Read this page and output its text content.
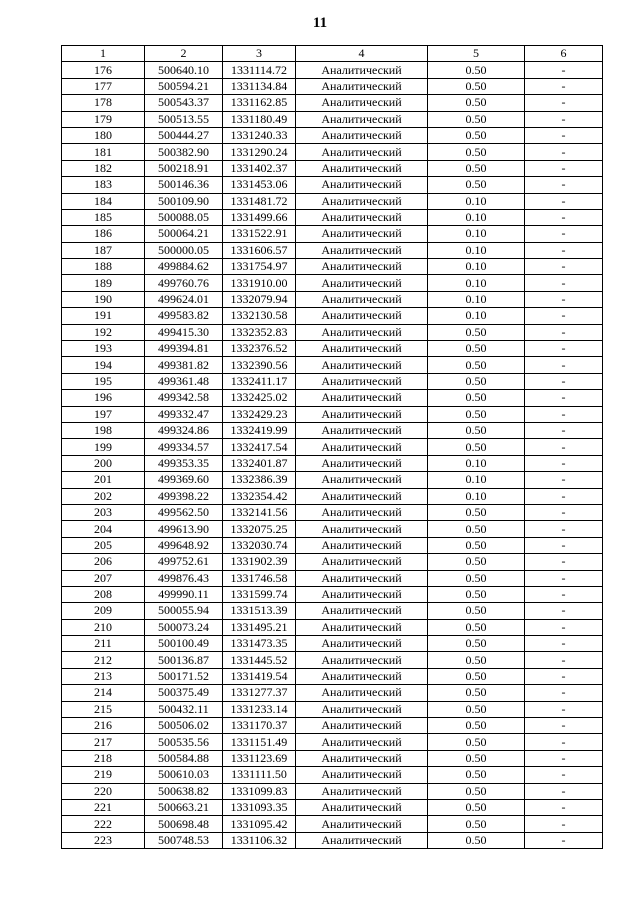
11
1	2	3	4	5	6
176	500640.10	1331114.72	Аналитический	0.50	-
177	500594.21	1331134.84	Аналитический	0.50	-
178	500543.37	1331162.85	Аналитический	0.50	-
179	500513.55	1331180.49	Аналитический	0.50	-
180	500444.27	1331240.33	Аналитический	0.50	-
181	500382.90	1331290.24	Аналитический	0.50	-
182	500218.91	1331402.37	Аналитический	0.50	-
183	500146.36	1331453.06	Аналитический	0.50	-
184	500109.90	1331481.72	Аналитический	0.10	-
185	500088.05	1331499.66	Аналитический	0.10	-
186	500064.21	1331522.91	Аналитический	0.10	-
187	500000.05	1331606.57	Аналитический	0.10	-
188	499884.62	1331754.97	Аналитический	0.10	-
189	499760.76	1331910.00	Аналитический	0.10	-
190	499624.01	1332079.94	Аналитический	0.10	-
191	499583.82	1332130.58	Аналитический	0.10	-
192	499415.30	1332352.83	Аналитический	0.50	-
193	499394.81	1332376.52	Аналитический	0.50	-
194	499381.82	1332390.56	Аналитический	0.50	-
195	499361.48	1332411.17	Аналитический	0.50	-
196	499342.58	1332425.02	Аналитический	0.50	-
197	499332.47	1332429.23	Аналитический	0.50	-
198	499324.86	1332419.99	Аналитический	0.50	-
199	499334.57	1332417.54	Аналитический	0.50	-
200	499353.35	1332401.87	Аналитический	0.10	-
201	499369.60	1332386.39	Аналитический	0.10	-
202	499398.22	1332354.42	Аналитический	0.10	-
203	499562.50	1332141.56	Аналитический	0.50	-
204	499613.90	1332075.25	Аналитический	0.50	-
205	499648.92	1332030.74	Аналитический	0.50	-
206	499752.61	1331902.39	Аналитический	0.50	-
207	499876.43	1331746.58	Аналитический	0.50	-
208	499990.11	1331599.74	Аналитический	0.50	-
209	500055.94	1331513.39	Аналитический	0.50	-
210	500073.24	1331495.21	Аналитический	0.50	-
211	500100.49	1331473.35	Аналитический	0.50	-
212	500136.87	1331445.52	Аналитический	0.50	-
213	500171.52	1331419.54	Аналитический	0.50	-
214	500375.49	1331277.37	Аналитический	0.50	-
215	500432.11	1331233.14	Аналитический	0.50	-
216	500506.02	1331170.37	Аналитический	0.50	-
217	500535.56	1331151.49	Аналитический	0.50	-
218	500584.88	1331123.69	Аналитический	0.50	-
219	500610.03	1331111.50	Аналитический	0.50	-
220	500638.82	1331099.83	Аналитический	0.50	-
221	500663.21	1331093.35	Аналитический	0.50	-
222	500698.48	1331095.42	Аналитический	0.50	-
223	500748.53	1331106.32	Аналитический	0.50	-
